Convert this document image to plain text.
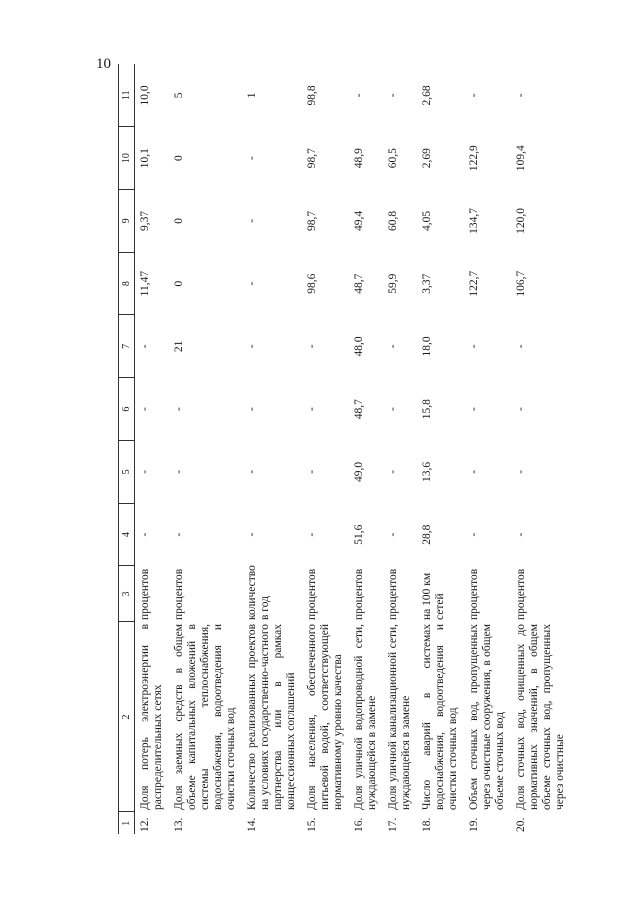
10
1	2	3	4	5	6	7	8	9	10	11
12.	Доля потерь электроэнергии в распределительных сетях	процентов	-	-	-	-	11,47	9,37	10,1	10,0
13.	Доля заемных средств в общем объеме капитальных вложений в системы теплоснабжения, водоснабжения, водоотведения и очистки сточных вод	процентов	-	-	-	21	0	0	0	5
14.	Количество реализованных проектов на условиях государственно-частного партнерства или в рамках концессионных соглашений	количество в год	-	-	-	-	-	-	-	1
15.	Доля населения, обеспеченного питьевой водой, соответствующей нормативному уровню качества	процентов	-	-	-	-	98,6	98,7	98,7	98,8
16.	Доля уличной водопроводной сети, нуждающейся в замене	процентов	51,6	49,0	48,7	48,0	48,7	49,4	48,9	-
17.	Доля уличной канализационной сети, нуждающейся в замене	процентов	-	-	-	-	59,9	60,8	60,5	-
18.	Число аварий в системах водоснабжения, водоотведения и очистки сточных вод	на 100 км сетей	28,8	13,6	15,8	18,0	3,37	4,05	2,69	2,68
19.	Объем сточных вод, пропущенных через очистные сооружения, в общем объеме сточных вод	процентов	-	-	-	-	122,7	134,7	122,9	-
20.	Доля сточных вод, очищенных до нормативных значений, в общем объеме сточных вод, пропущенных через очистные	процентов	-	-	-	-	106,7	120,0	109,4	-
